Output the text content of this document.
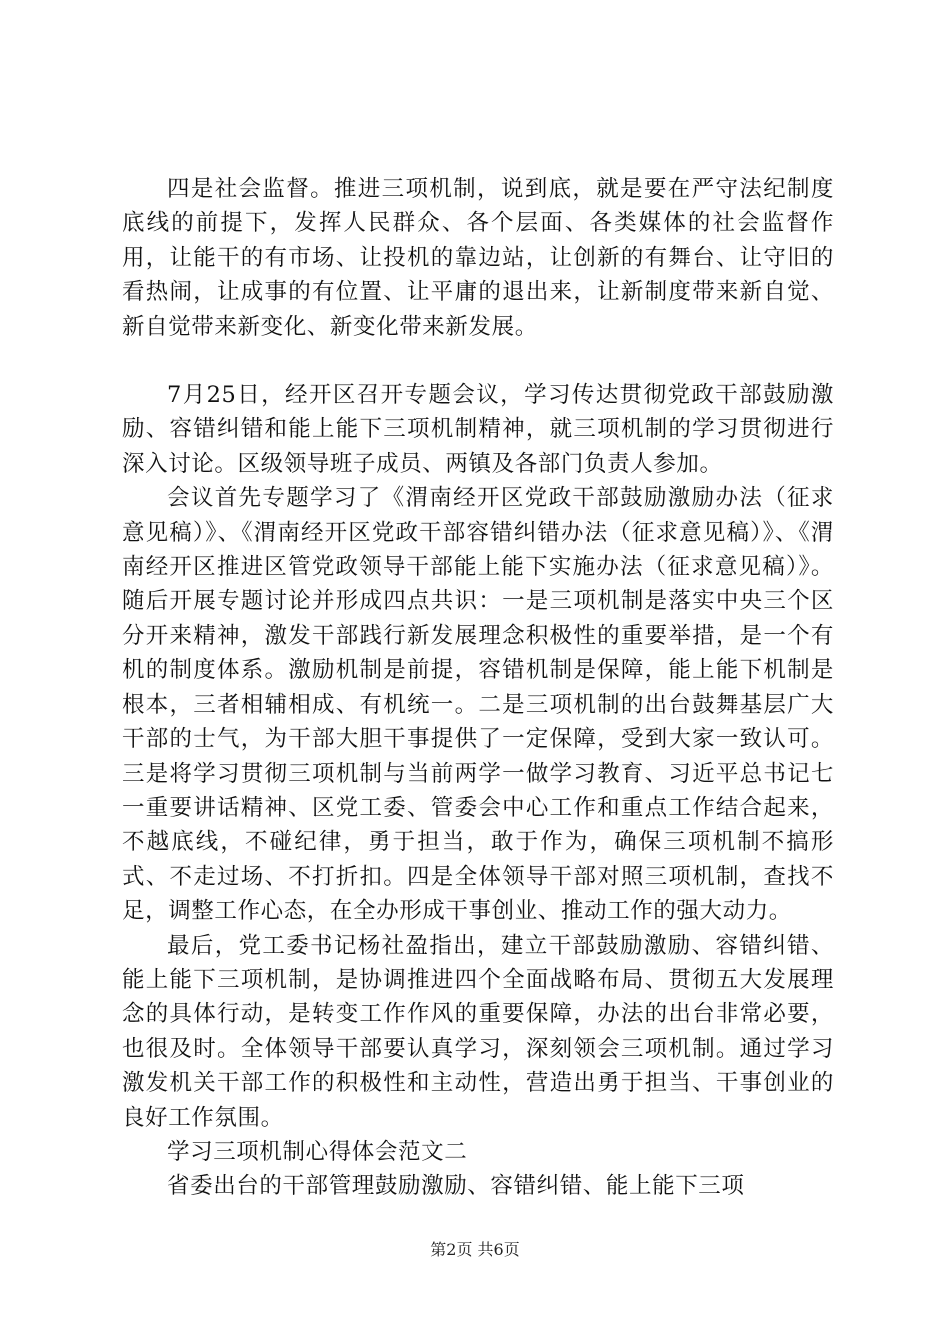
四是社会监督。推进三项机制，说到底，就是要在严守法纪制度底线的前提下，发挥人民群众、各个层面、各类媒体的社会监督作用，让能干的有市场、让投机的靠边站，让创新的有舞台、让守旧的看热闹，让成事的有位置、让平庸的退出来，让新制度带来新自觉、新自觉带来新变化、新变化带来新发展。

7月25日，经开区召开专题会议，学习传达贯彻党政干部鼓励激励、容错纠错和能上能下三项机制精神，就三项机制的学习贯彻进行深入讨论。区级领导班子成员、两镇及各部门负责人参加。

会议首先专题学习了《渭南经开区党政干部鼓励激励办法（征求意见稿）》、《渭南经开区党政干部容错纠错办法（征求意见稿）》、《渭南经开区推进区管党政领导干部能上能下实施办法（征求意见稿）》。随后开展专题讨论并形成四点共识：一是三项机制是落实中央三个区分开来精神，激发干部践行新发展理念积极性的重要举措，是一个有机的制度体系。激励机制是前提，容错机制是保障，能上能下机制是根本，三者相辅相成、有机统一。二是三项机制的出台鼓舞基层广大干部的士气，为干部大胆干事提供了一定保障，受到大家一致认可。三是将学习贯彻三项机制与当前两学一做学习教育、习近平总书记七一重要讲话精神、区党工委、管委会中心工作和重点工作结合起来，不越底线，不碰纪律，勇于担当，敢于作为，确保三项机制不搞形式、不走过场、不打折扣。四是全体领导干部对照三项机制，查找不足，调整工作心态，在全办形成干事创业、推动工作的强大动力。

最后，党工委书记杨社盈指出，建立干部鼓励激励、容错纠错、能上能下三项机制，是协调推进四个全面战略布局、贯彻五大发展理念的具体行动，是转变工作作风的重要保障，办法的出台非常必要，也很及时。全体领导干部要认真学习，深刻领会三项机制。通过学习激发机关干部工作的积极性和主动性，营造出勇于担当、干事创业的良好工作氛围。

学习三项机制心得体会范文二

省委出台的干部管理鼓励激励、容错纠错、能上能下三项

第2页 共6页
